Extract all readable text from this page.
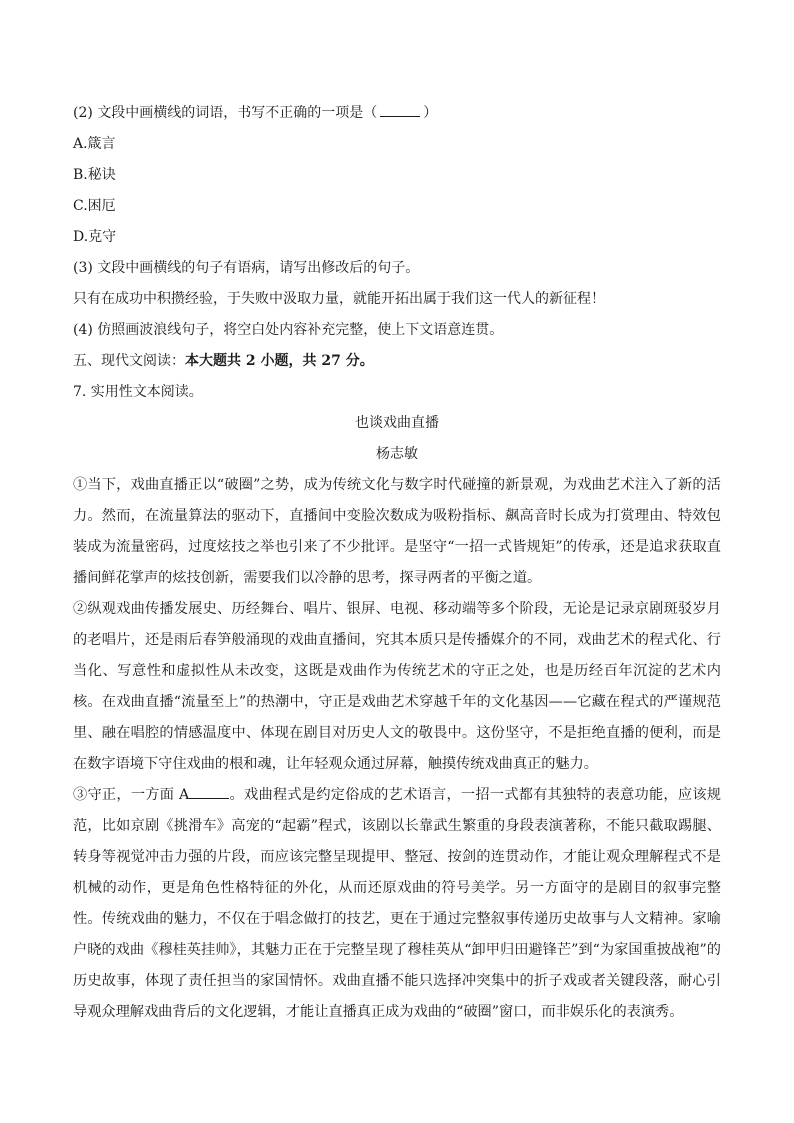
(2) 文段中画横线的词语，书写不正确的一项是（	）
A.箴言
B.秘诀
C.困厄
D.克守
(3) 文段中画横线的句子有语病，请写出修改后的句子。
只有在成功中积攒经验，于失败中汲取力量，就能开拓出属于我们这一代人的新征程！
(4) 仿照画波浪线句子，将空白处内容补充完整，使上下文语意连贯。
五、现代文阅读：本大题共 2 小题，共 27 分。
7. 实用性文本阅读。
也谈戏曲直播
杨志敏

①当下，戏曲直播正以“破圈”之势，成为传统文化与数字时代碰撞的新景观，为戏曲艺术注入了新的活力。然而，在流量算法的驱动下，直播间中变脸次数成为吸粉指标、飙高音时长成为打赏理由、特效包装成为流量密码，过度炫技之举也引来了不少批评。是坚守“一招一式皆规矩”的传承，还是追求获取直播间鲜花掌声的炫技创新，需要我们以冷静的思考，探寻两者的平衡之道。

②纵观戏曲传播发展史、历经舞台、唱片、银屏、电视、移动端等多个阶段，无论是记录京剧斑驳岁月的老唱片，还是雨后春笋般涌现的戏曲直播间，究其本质只是传播媒介的不同，戏曲艺术的程式化、行当化、写意性和虚拟性从未改变，这既是戏曲作为传统艺术的守正之处，也是历经百年沉淀的艺术内核。在戏曲直播“流量至上”的热潮中，守正是戏曲艺术穿越千年的文化基因——它藏在程式的严谨规范里、融在唱腔的情感温度中、体现在剧目对历史人文的敬畏中。这份坚守，不是拒绝直播的便利，而是在数字语境下守住戏曲的根和魂，让年轻观众通过屏幕，触摸传统戏曲真正的魅力。

③守正，一方面 A	。戏曲程式是约定俗成的艺术语言，一招一式都有其独特的表意功能，应该规范，比如京剧《挑滑车》高宠的“起霸”程式，该剧以长靠武生繁重的身段表演著称，不能只截取踢腿、转身等视觉冲击力强的片段，而应该完整呈现提甲、整冠、按剑的连贯动作，才能让观众理解程式不是机械的动作，更是角色性格特征的外化，从而还原戏曲的符号美学。另一方面守的是剧目的叙事完整性。传统戏曲的魅力，不仅在于唱念做打的技艺，更在于通过完整叙事传递历史故事与人文精神。家喻户晓的戏曲《穆桂英挂帅》，其魅力正在于完整呈现了穆桂英从“卸甲归田避锋芒”到“为家国重披战袍”的历史故事，体现了责任担当的家国情怀。戏曲直播不能只选择冲突集中的折子戏或者关键段落，耐心引导观众理解戏曲背后的文化逻辑，才能让直播真正成为戏曲的“破圈”窗口，而非娱乐化的表演秀。
